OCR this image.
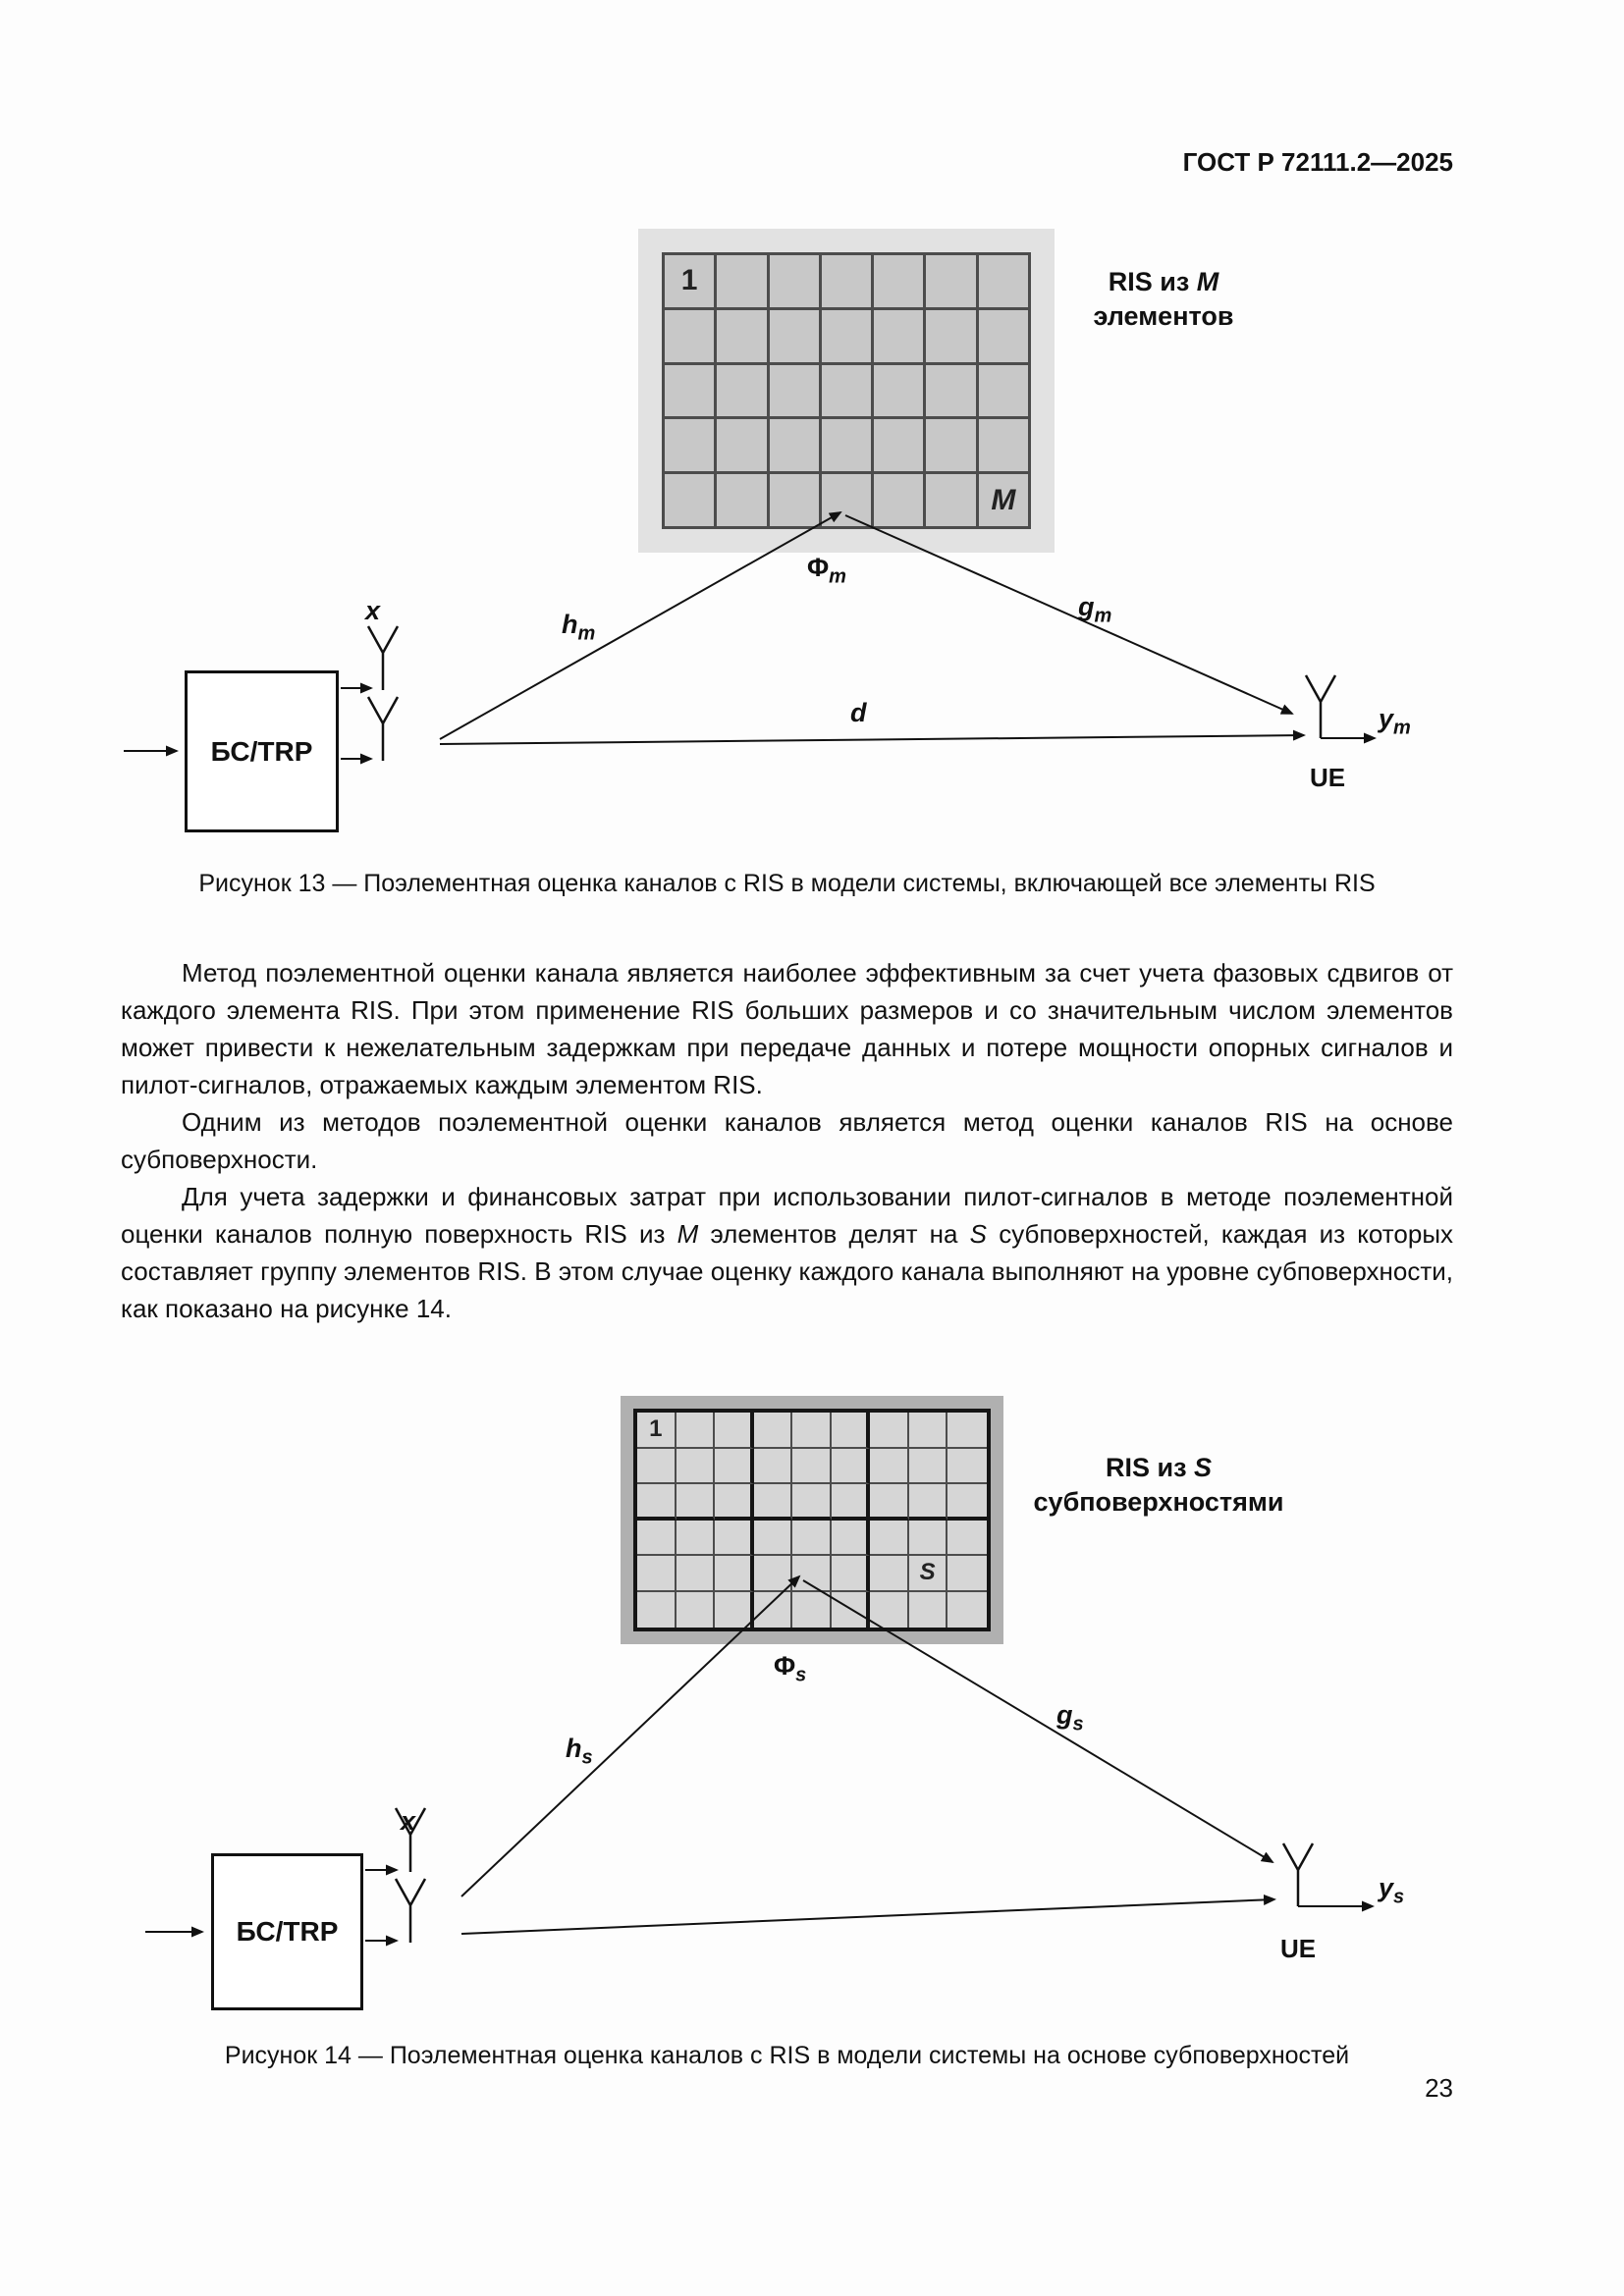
ГОСТ Р 72111.2—2025
1
M
RIS из M
элементов
$\Phi_m$
БС/TRP
x	$h_m$
$g_m$
d	$y_m$
UE
Рисунок 13 — Поэлементная оценка каналов с RIS в модели системы, включающей все элементы RIS

Метод поэлементной оценки канала является наиболее эффективным за счет учета фазовых сдвигов от каждого элемента RIS. При этом применение RIS больших размеров и со значительным числом элементов может привести к нежелательным задержкам при передаче данных и потере мощности опорных сигналов и пилот-сигналов, отражаемых каждым элементом RIS.

Одним из методов поэлементной оценки каналов является метод оценки каналов RIS на основе субповерхности.

Для учета задержки и финансовых затрат при использовании пилот-сигналов в методе поэлементной оценки каналов полную поверхность RIS из M элементов делят на S субповерхностей, каждая из которых составляет группу элементов RIS. В этом случае оценку каждого канала выполняют на уровне субповерхности, как показано на рисунке 14.

1
S
RIS из S
субповерхностями
$\Phi_s$
БС/TRP
x
$h_s$
$g_s$
$y_s$
UE
Рисунок 14 — Поэлементная оценка каналов с RIS в модели системы на основе субповерхностей
23
